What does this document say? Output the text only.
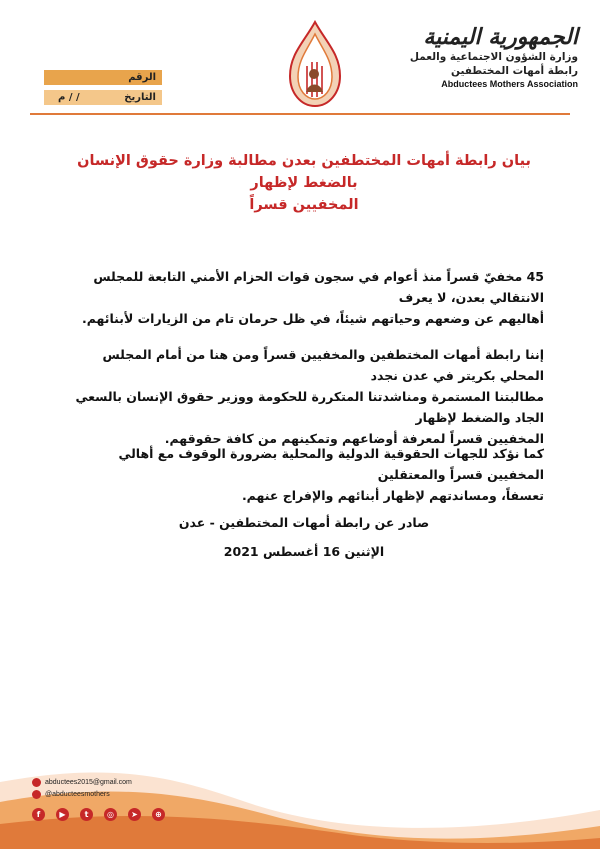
الرقم
التاريخ
م / /
الجمهورية اليمنية
وزارة الشؤون الاجتماعية والعمل
رابطة أمهات المختطفين
Abductees Mothers Association
بيان رابطة أمهات المختطفين بعدن مطالبة وزارة حقوق الإنسان بالضغط لإظهار
المخفيين قسراً
45 مخفيّ قسراً منذ أعوام في سجون قوات الحزام الأمني التابعة للمجلس الانتقالي بعدن، لا يعرف
أهاليهم عن وضعهم وحياتهم شيئاً، في ظل حرمان تام من الزيارات لأبنائهم.
إننا رابطة أمهات المختطفين والمخفيين قسراً ومن هنا من أمام المجلس المحلي بكريتر في عدن نجدد
مطالبتنا المستمرة ومناشدتنا المتكررة للحكومة ووزير حقوق الإنسان بالسعي الجاد والضغط لإظهار
المخفيين قسراً لمعرفة أوضاعهم وتمكينهم من كافة حقوقهم.
كما نؤكد للجهات الحقوقية الدولية والمحلية بضرورة الوقوف مع أهالي المخفيين قسراً والمعتقلين
تعسفاً، ومساندتهم لإظهار أبنائهم والإفراج عنهم.
صادر عن رابطة أمهات المختطفين - عدن
الإثنين 16 أغسطس 2021
abductees2015@gmail.com
@abducteesmothers
f	▶	t	◎	➤	⊕
